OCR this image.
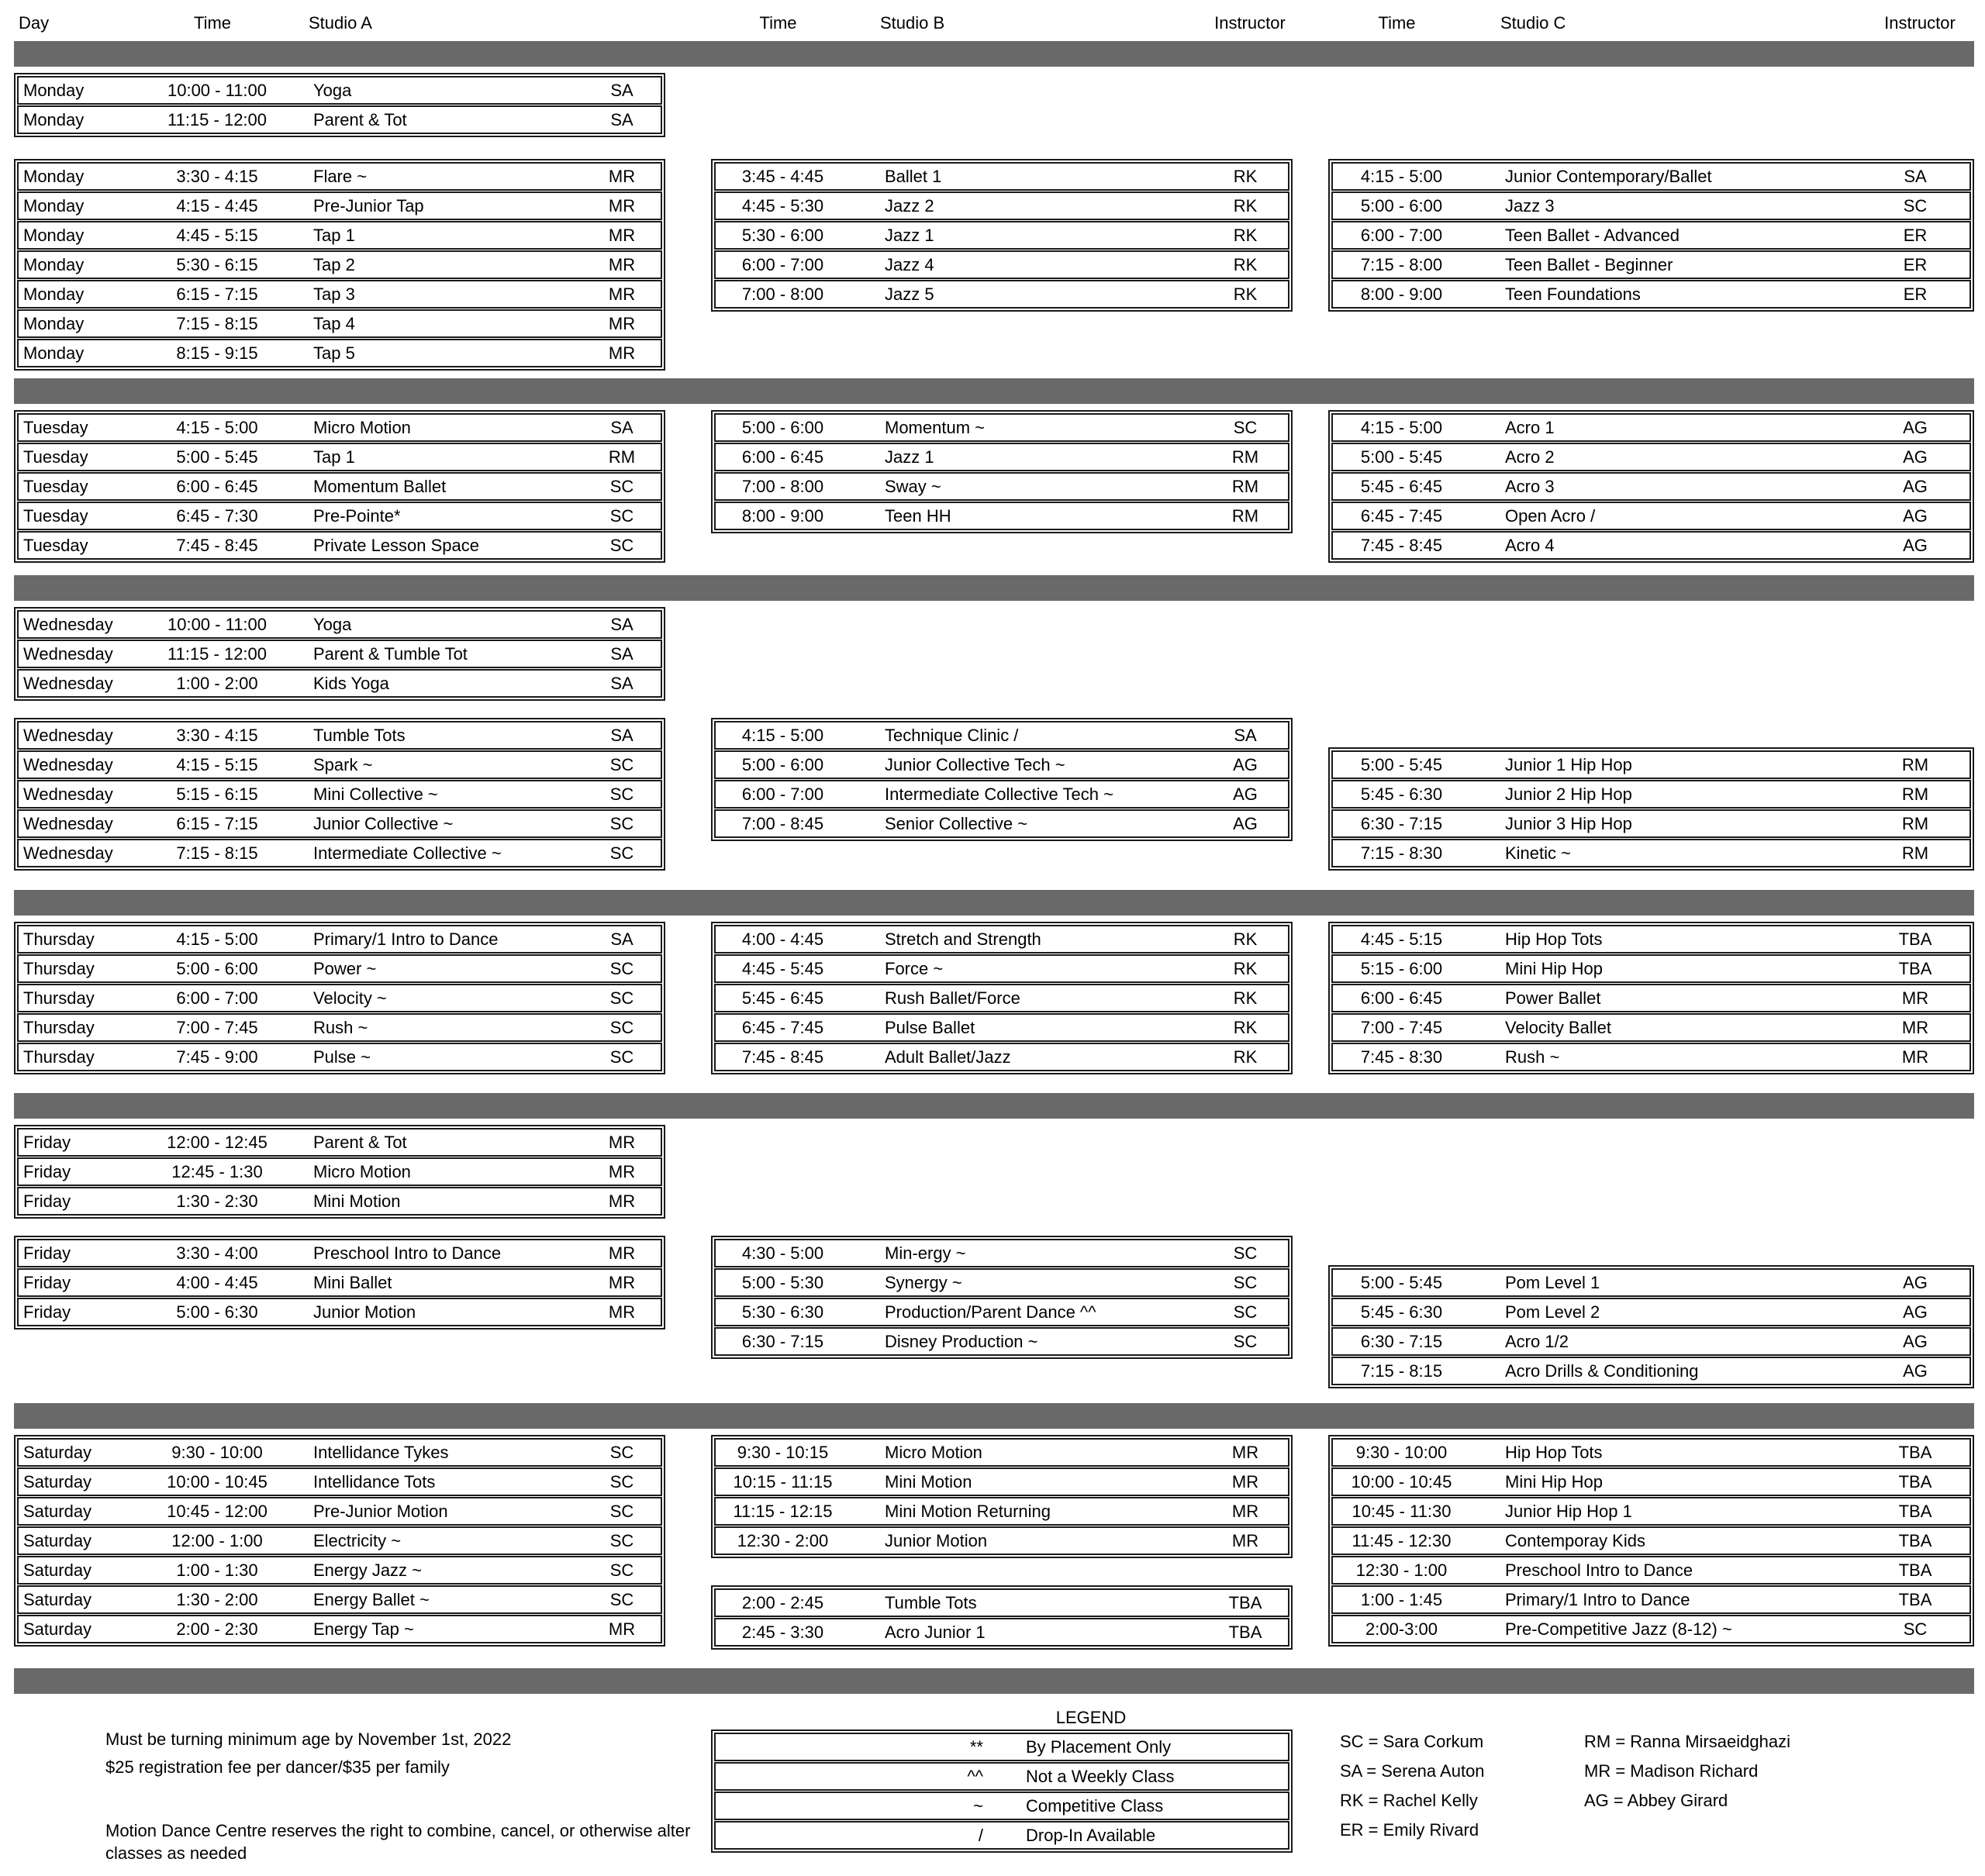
Day	Time	Studio A	Time	Studio B	Instructor	Time	Studio C	Instructor
Monday	10:00 - 11:00	Yoga	SA
Monday	11:15 - 12:00	Parent & Tot	SA
Monday	3:30 - 4:15	Flare ~	MR
Monday	4:15 - 4:45	Pre-Junior Tap	MR
Monday	4:45 - 5:15	Tap 1	MR
Monday	5:30 - 6:15	Tap 2	MR
Monday	6:15 - 7:15	Tap 3	MR
Monday	7:15 - 8:15	Tap 4	MR
Monday	8:15 - 9:15	Tap 5	MR
3:45 - 4:45	Ballet 1	RK
4:45 - 5:30	Jazz 2	RK
5:30 - 6:00	Jazz 1	RK
6:00 - 7:00	Jazz 4	RK
7:00 - 8:00	Jazz 5	RK
4:15 - 5:00	Junior Contemporary/Ballet	SA
5:00 - 6:00	Jazz 3	SC
6:00 - 7:00	Teen Ballet - Advanced	ER
7:15 - 8:00	Teen Ballet - Beginner	ER
8:00 - 9:00	Teen Foundations	ER
Tuesday	4:15 - 5:00	Micro Motion	SA
Tuesday	5:00 - 5:45	Tap 1	RM
Tuesday	6:00 - 6:45	Momentum Ballet	SC
Tuesday	6:45 - 7:30	Pre-Pointe*	SC
Tuesday	7:45 - 8:45	Private Lesson Space	SC
5:00 - 6:00	Momentum ~	SC
6:00 - 6:45	Jazz 1	RM
7:00 - 8:00	Sway ~	RM
8:00 - 9:00	Teen HH	RM
4:15 - 5:00	Acro 1	AG
5:00 - 5:45	Acro 2	AG
5:45 - 6:45	Acro 3	AG
6:45 - 7:45	Open Acro /	AG
7:45 - 8:45	Acro 4	AG
Wednesday	10:00 - 11:00	Yoga	SA
Wednesday	11:15 - 12:00	Parent & Tumble Tot	SA
Wednesday	1:00 - 2:00	Kids Yoga	SA
Wednesday	3:30 - 4:15	Tumble Tots	SA
Wednesday	4:15 - 5:15	Spark ~	SC
Wednesday	5:15 - 6:15	Mini Collective ~	SC
Wednesday	6:15 - 7:15	Junior Collective ~	SC
Wednesday	7:15 - 8:15	Intermediate Collective ~	SC
4:15 - 5:00	Technique Clinic /	SA
5:00 - 6:00	Junior Collective Tech ~	AG
6:00 - 7:00	Intermediate Collective Tech ~	AG
7:00 - 8:45	Senior Collective ~	AG
5:00 - 5:45	Junior 1 Hip Hop	RM
5:45 - 6:30	Junior 2 Hip Hop	RM
6:30 - 7:15	Junior 3 Hip Hop	RM
7:15 - 8:30	Kinetic ~	RM
Thursday	4:15 - 5:00	Primary/1 Intro to Dance	SA
Thursday	5:00 - 6:00	Power ~	SC
Thursday	6:00 - 7:00	Velocity ~	SC
Thursday	7:00 - 7:45	Rush ~	SC
Thursday	7:45 - 9:00	Pulse ~	SC
4:00 - 4:45	Stretch and Strength	RK
4:45 - 5:45	Force ~	RK
5:45 - 6:45	Rush Ballet/Force	RK
6:45 - 7:45	Pulse Ballet	RK
7:45 - 8:45	Adult Ballet/Jazz	RK
4:45 - 5:15	Hip Hop Tots	TBA
5:15 - 6:00	Mini Hip Hop	TBA
6:00 - 6:45	Power Ballet	MR
7:00 - 7:45	Velocity Ballet	MR
7:45 - 8:30	Rush ~	MR
Friday	12:00 - 12:45	Parent & Tot	MR
Friday	12:45 - 1:30	Micro Motion	MR
Friday	1:30 - 2:30	Mini Motion	MR
Friday	3:30 - 4:00	Preschool Intro to Dance	MR
Friday	4:00 - 4:45	Mini Ballet	MR
Friday	5:00 - 6:30	Junior Motion	MR
4:30 - 5:00	Min-ergy ~	SC
5:00 - 5:30	Synergy ~	SC
5:30 - 6:30	Production/Parent Dance ^^	SC
6:30 - 7:15	Disney Production ~	SC
5:00 - 5:45	Pom Level 1	AG
5:45 - 6:30	Pom Level 2	AG
6:30 - 7:15	Acro 1/2	AG
7:15 - 8:15	Acro Drills & Conditioning	AG
Saturday	9:30 - 10:00	Intellidance Tykes	SC
Saturday	10:00 - 10:45	Intellidance Tots	SC
Saturday	10:45 - 12:00	Pre-Junior Motion	SC
Saturday	12:00 - 1:00	Electricity ~	SC
Saturday	1:00 - 1:30	Energy Jazz ~	SC
Saturday	1:30 - 2:00	Energy Ballet ~	SC
Saturday	2:00 - 2:30	Energy Tap ~	MR
9:30 - 10:15	Micro Motion	MR
10:15 - 11:15	Mini Motion	MR
11:15 - 12:15	Mini Motion Returning	MR
12:30 - 2:00	Junior Motion	MR
2:00 - 2:45	Tumble Tots	TBA
2:45 - 3:30	Acro Junior 1	TBA
9:30 - 10:00	Hip Hop Tots	TBA
10:00 - 10:45	Mini Hip Hop	TBA
10:45 - 11:30	Junior Hip Hop 1	TBA
11:45 - 12:30	Contemporay Kids	TBA
12:30 - 1:00	Preschool Intro to Dance	TBA
1:00 - 1:45	Primary/1 Intro to Dance	TBA
2:00-3:00	Pre-Competitive Jazz (8-12) ~	SC
Must be turning minimum age by November 1st, 2022
$25 registration fee per dancer/$35 per family
Motion Dance Centre reserves the right to combine, cancel, or otherwise alter classes as needed
LEGEND
**	By Placement Only
^^	Not a Weekly Class
~	Competitive Class
/	Drop-In Available
SC = Sara Corkum
SA = Serena Auton
RK = Rachel Kelly
ER = Emily Rivard
RM = Ranna Mirsaeidghazi
MR = Madison Richard
AG = Abbey Girard
